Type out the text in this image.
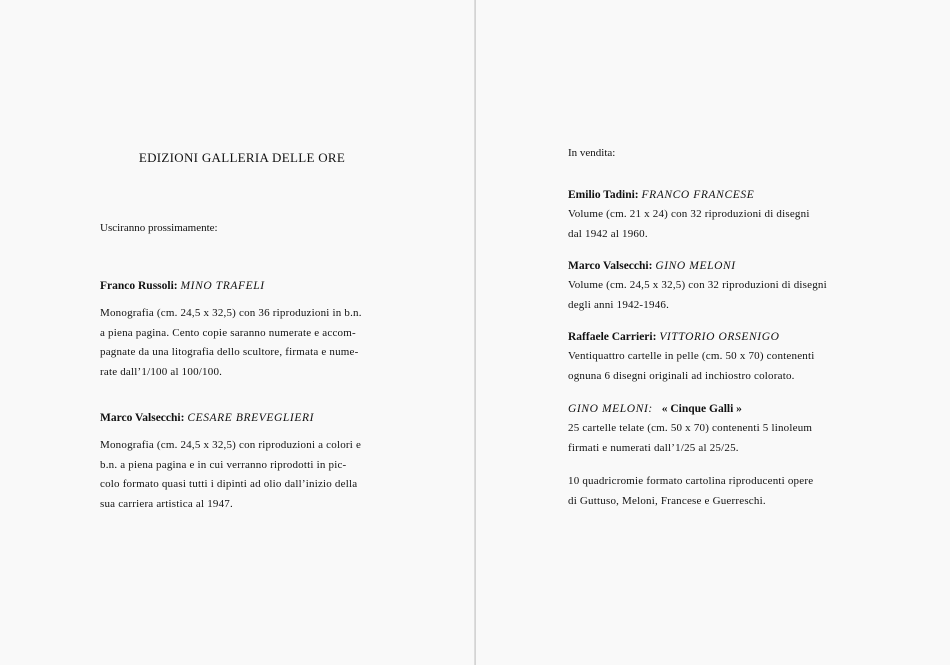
EDIZIONI GALLERIA DELLE ORE
Usciranno prossimamente:
Franco Russoli: MINO TRAFELI
Monografia (cm. 24,5 x 32,5) con 36 riproduzioni in b.n.
a piena pagina. Cento copie saranno numerate e accom-
pagnate da una litografia dello scultore, firmata e nume-
rate dall’1/100 al 100/100.
Marco Valsecchi: CESARE BREVEGLIERI
Monografia (cm. 24,5 x 32,5) con riproduzioni a colori e
b.n. a piena pagina e in cui verranno riprodotti in pic-
colo formato quasi tutti i dipinti ad olio dall’inizio della
sua carriera artistica al 1947.
In vendita:
Emilio Tadini: FRANCO FRANCESE
Volume (cm. 21 x 24) con 32 riproduzioni di disegni
dal 1942 al 1960.
Marco Valsecchi: GINO MELONI
Volume (cm. 24,5 x 32,5) con 32 riproduzioni di disegni
degli anni 1942-1946.
Raffaele Carrieri: VITTORIO ORSENIGO
Ventiquattro cartelle in pelle (cm. 50 x 70) contenenti
ognuna 6 disegni originali ad inchiostro colorato.
GINO MELONI: « Cinque Galli »
25 cartelle telate (cm. 50 x 70) contenenti 5 linoleum
firmati e numerati dall’1/25 al 25/25.
10 quadricromie formato cartolina riproducenti opere
di Guttuso, Meloni, Francese e Guerreschi.
